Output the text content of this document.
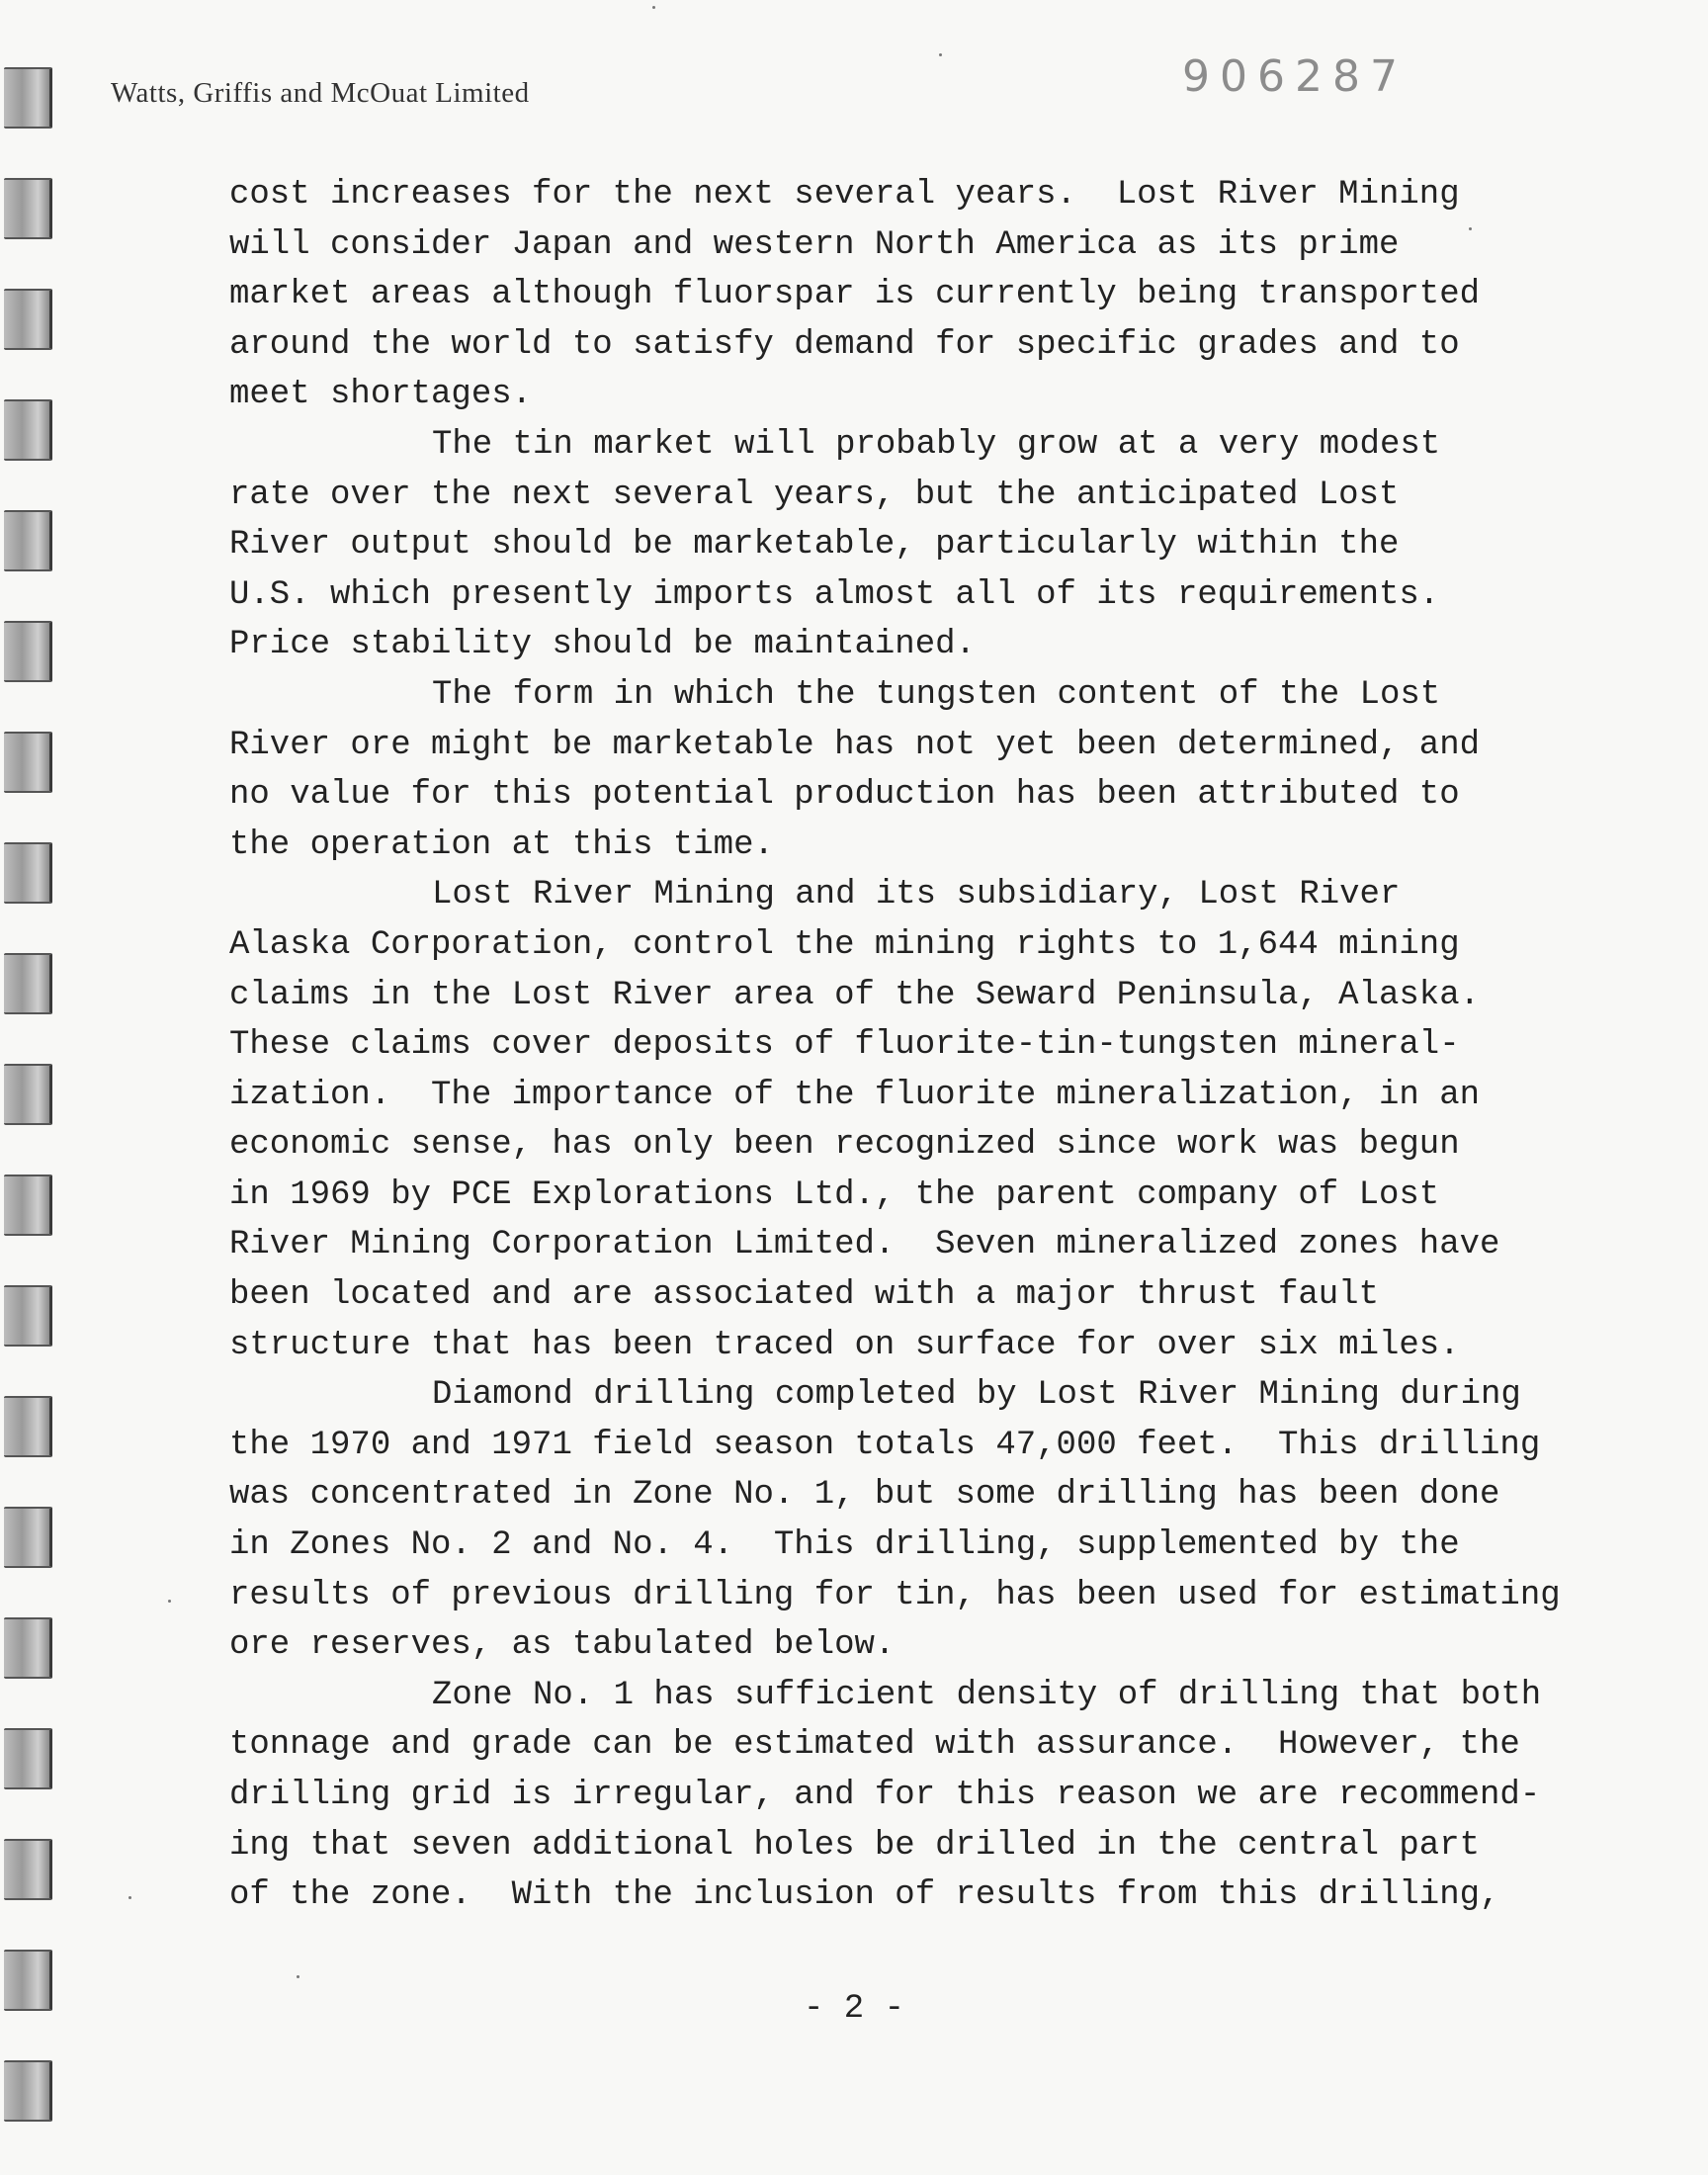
Watts, Griffis and McOuat Limited	906287
cost increases for the next several years.  Lost River Mining
will consider Japan and western North America as its prime
market areas although fluorspar is currently being transported
around the world to satisfy demand for specific grades and to
meet shortages.
The tin market will probably grow at a very modest
rate over the next several years, but the anticipated Lost
River output should be marketable, particularly within the
U.S. which presently imports almost all of its requirements.
Price stability should be maintained.
The form in which the tungsten content of the Lost
River ore might be marketable has not yet been determined, and
no value for this potential production has been attributed to
the operation at this time.
Lost River Mining and its subsidiary, Lost River
Alaska Corporation, control the mining rights to 1,644 mining
claims in the Lost River area of the Seward Peninsula, Alaska.
These claims cover deposits of fluorite-tin-tungsten mineral-
ization.  The importance of the fluorite mineralization, in an
economic sense, has only been recognized since work was begun
in 1969 by PCE Explorations Ltd., the parent company of Lost
River Mining Corporation Limited.  Seven mineralized zones have
been located and are associated with a major thrust fault
structure that has been traced on surface for over six miles.
Diamond drilling completed by Lost River Mining during
the 1970 and 1971 field season totals 47,000 feet.  This drilling
was concentrated in Zone No. 1, but some drilling has been done
in Zones No. 2 and No. 4.  This drilling, supplemented by the
results of previous drilling for tin, has been used for estimating
ore reserves, as tabulated below.
Zone No. 1 has sufficient density of drilling that both
tonnage and grade can be estimated with assurance.  However, the
drilling grid is irregular, and for this reason we are recommend-
ing that seven additional holes be drilled in the central part
of the zone.  With the inclusion of results from this drilling,
- 2 -
